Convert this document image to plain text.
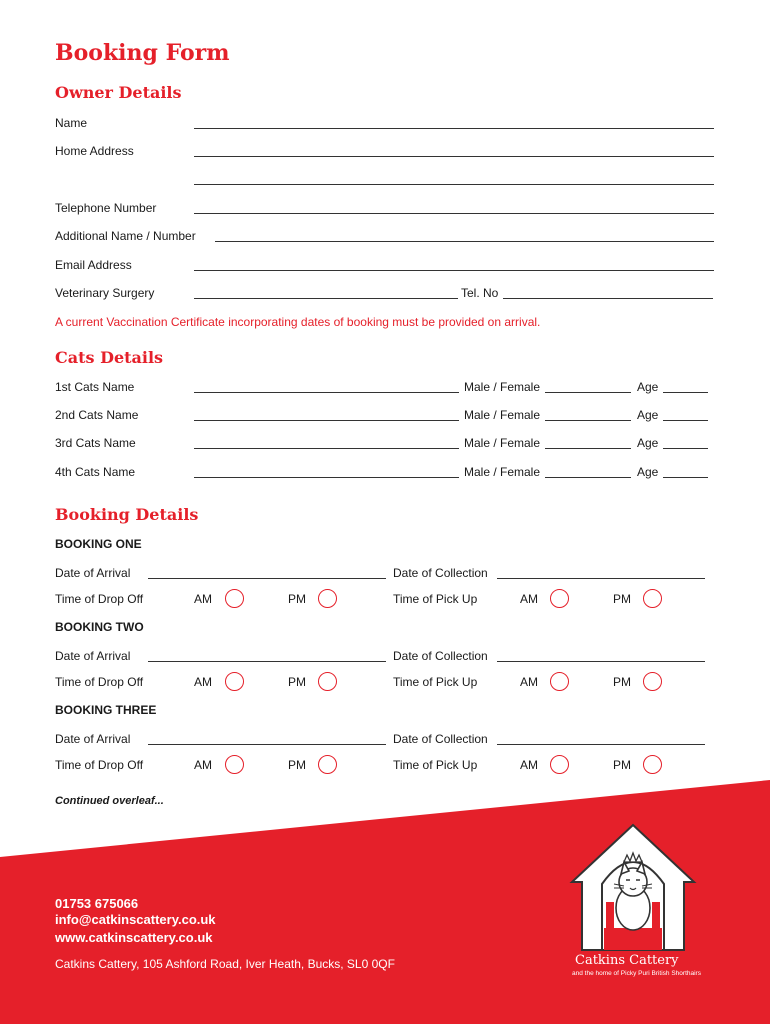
Booking Form
Owner Details
Name
Home Address
Telephone Number
Additional Name / Number
Email Address
Veterinary Surgery	Tel. No
A current Vaccination Certificate incorporating dates of booking must be provided on arrival.
Cats Details
1st Cats Name	Male / Female	Age
2nd Cats Name	Male / Female	Age
3rd Cats Name	Male / Female	Age
4th Cats Name	Male / Female	Age
Booking Details
BOOKING ONE
Date of Arrival	Date of Collection
Time of Drop Off	AM	PM	Time of Pick Up	AM	PM
BOOKING TWO
Date of Arrival	Date of Collection
Time of Drop Off	AM	PM	Time of Pick Up	AM	PM
BOOKING THREE
Date of Arrival	Date of Collection
Time of Drop Off	AM	PM	Time of Pick Up	AM	PM
Continued overleaf...
01753 675066
info@catkinscattery.co.uk
www.catkinscattery.co.uk
Catkins Cattery, 105 Ashford Road, Iver Heath, Bucks, SL0 0QF	Catkins Cattery
and the home of Picky Puri British Shorthairs
